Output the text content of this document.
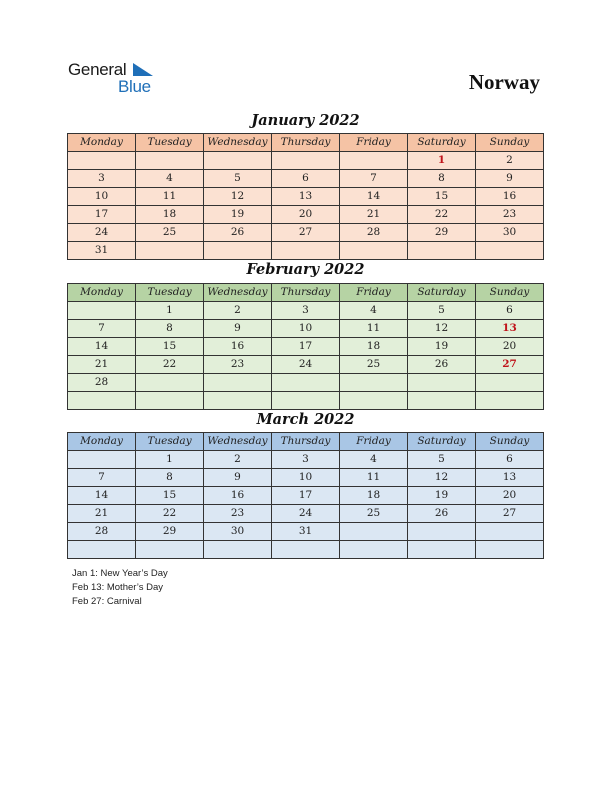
General
Blue	Norway
January 2022
Monday	Tuesday	Wednesday	Thursday	Friday	Saturday	Sunday
					1	2
3	4	5	6	7	8	9
10	11	12	13	14	15	16
17	18	19	20	21	22	23
24	25	26	27	28	29	30
31						
February 2022
Monday	Tuesday	Wednesday	Thursday	Friday	Saturday	Sunday
	1	2	3	4	5	6
7	8	9	10	11	12	13
14	15	16	17	18	19	20
21	22	23	24	25	26	27
28						

March 2022
Monday	Tuesday	Wednesday	Thursday	Friday	Saturday	Sunday
	1	2	3	4	5	6
7	8	9	10	11	12	13
14	15	16	17	18	19	20
21	22	23	24	25	26	27
28	29	30	31			

Jan 1: New Year’s Day
Feb 13: Mother’s Day
Feb 27: Carnival
